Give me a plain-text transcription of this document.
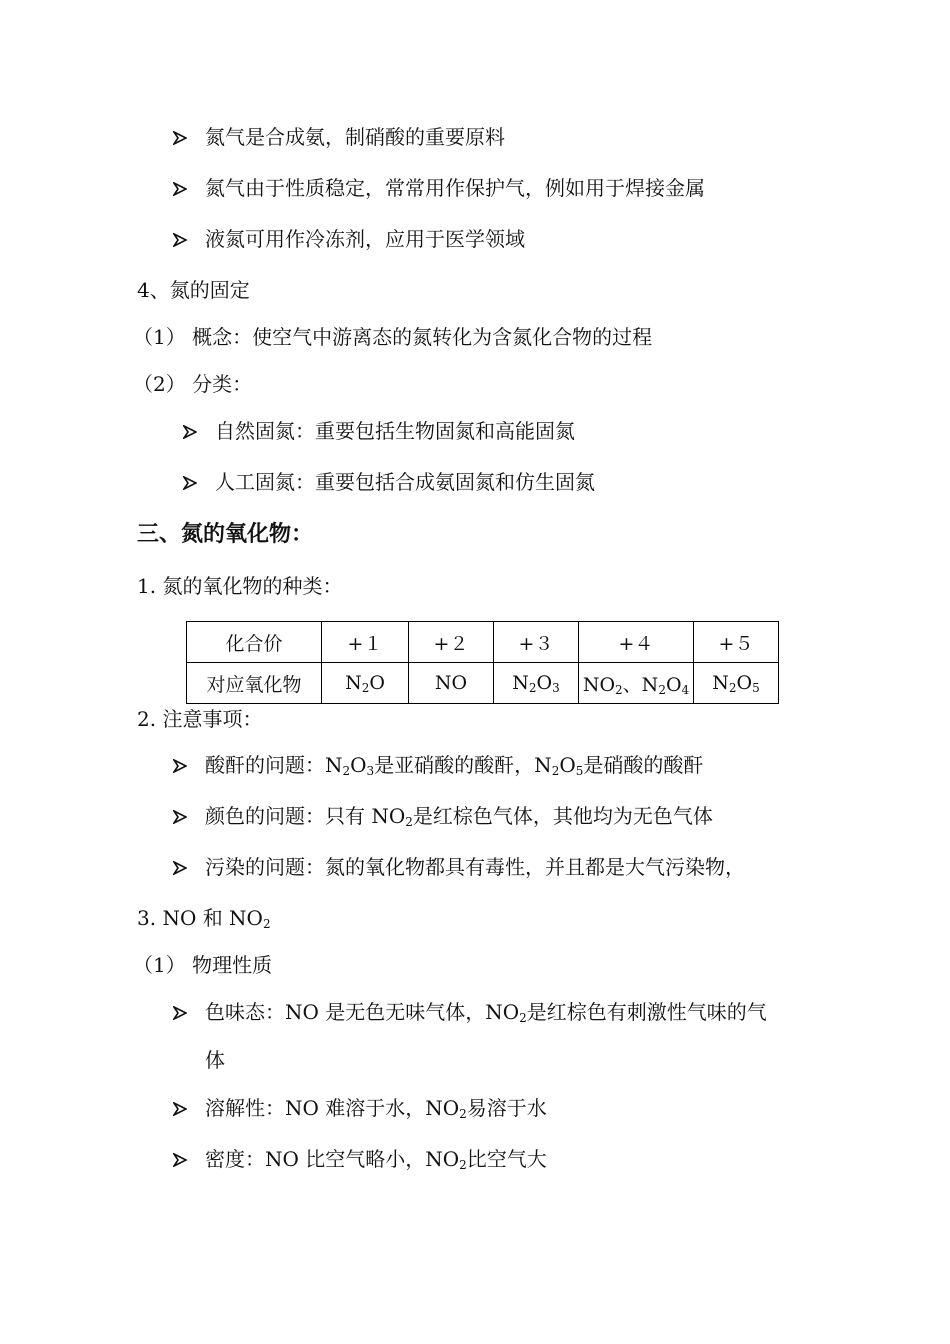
氮气是合成氨，制硝酸的重要原料
氮气由于性质稳定，常常用作保护气，例如用于焊接金属
液氮可用作冷冻剂，应用于医学领域
4、氮的固定
（1） 概念：使空气中游离态的氮转化为含氮化合物的过程
（2） 分类：
自然固氮：重要包括生物固氮和高能固氮
人工固氮：重要包括合成氨固氮和仿生固氮
三、氮的氧化物：
1. 氮的氧化物的种类：
化合价	+１	+２	+３	+４	+５
对应氧化物	$N_2O$	NO	$N_2O_3$	$NO_2$、$N_2O_4$	$N_2O_5$
2. 注意事项：
酸酐的问题：$N_2O_3$是亚硝酸的酸酐，$N_2O_5$是硝酸的酸酐
颜色的问题：只有 $NO_2$是红棕色气体，其他均为无色气体
污染的问题：氮的氧化物都具有毒性，并且都是大气污染物，
3. NO 和 $NO_2$
（1） 物理性质
色味态：NO 是无色无味气体，$NO_2$是红棕色有刺激性气味的气
体
溶解性：NO 难溶于水，$NO_2$易溶于水
密度：NO 比空气略小，$NO_2$比空气大
